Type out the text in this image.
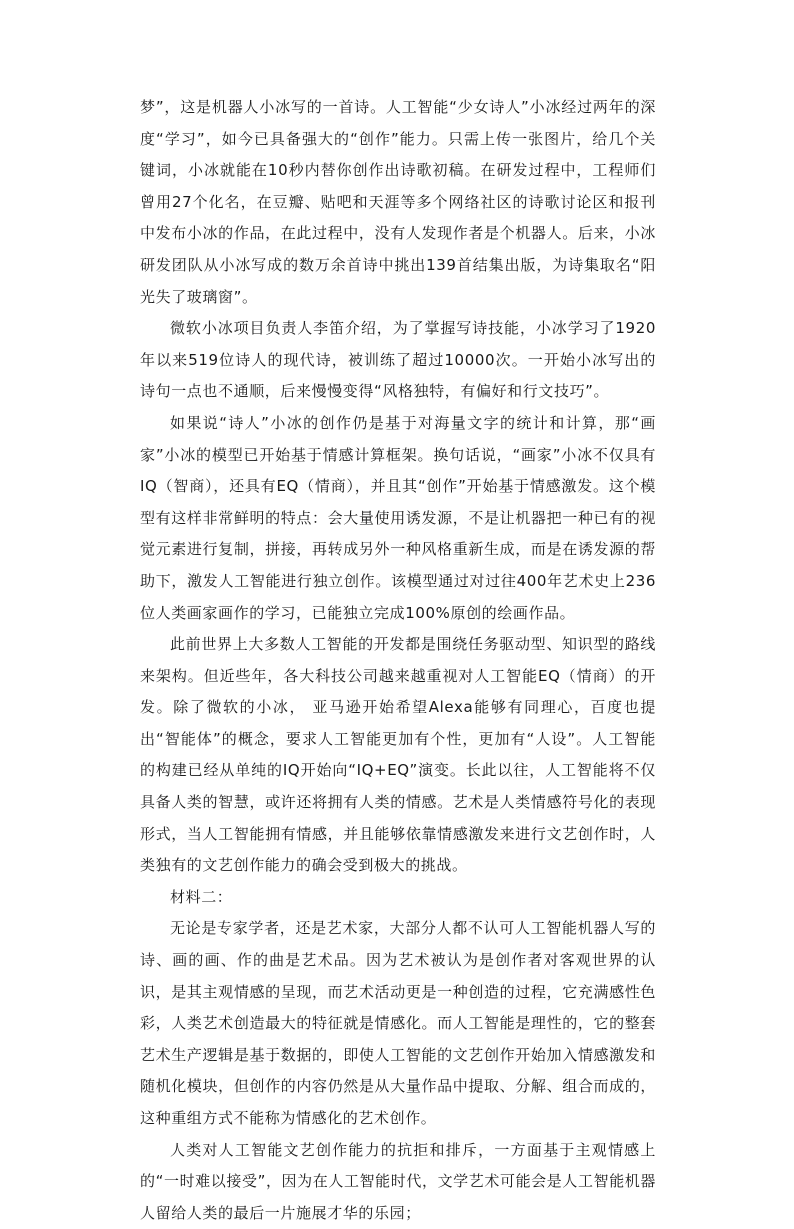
梦”，这是机器人小冰写的一首诗。人工智能“少女诗人”小冰经过两年的深度“学习”，如今已具备强大的“创作”能力。只需上传一张图片，给几个关键词，小冰就能在10秒内替你创作出诗歌初稿。在研发过程中，工程师们曾用27个化名，在豆瓣、贴吧和天涯等多个网络社区的诗歌讨论区和报刊中发布小冰的作品，在此过程中，没有人发现作者是个机器人。后来，小冰研发团队从小冰写成的数万余首诗中挑出139首结集出版，为诗集取名“阳光失了玻璃窗”。

微软小冰项目负责人李笛介绍，为了掌握写诗技能，小冰学习了1920年以来519位诗人的现代诗，被训练了超过10000次。一开始小冰写出的诗句一点也不通顺，后来慢慢变得“风格独特，有偏好和行文技巧”。

如果说“诗人”小冰的创作仍是基于对海量文字的统计和计算，那“画家”小冰的模型已开始基于情感计算框架。换句话说，“画家”小冰不仅具有IQ（智商），还具有EQ（情商），并且其“创作”开始基于情感激发。这个模型有这样非常鲜明的特点：会大量使用诱发源，不是让机器把一种已有的视觉元素进行复制，拼接，再转成另外一种风格重新生成，而是在诱发源的帮助下，激发人工智能进行独立创作。该模型通过对过往400年艺术史上236位人类画家画作的学习，已能独立完成100%原创的绘画作品。

此前世界上大多数人工智能的开发都是围绕任务驱动型、知识型的路线来架构。但近些年，各大科技公司越来越重视对人工智能EQ（情商）的开发。除了微软的小冰， 亚马逊开始希望Alexa能够有同理心，百度也提出“智能体”的概念，要求人工智能更加有个性，更加有“人设”。人工智能的构建已经从单纯的IQ开始向“IQ+EQ”演变。长此以往，人工智能将不仅具备人类的智慧，或许还将拥有人类的情感。艺术是人类情感符号化的表现形式，当人工智能拥有情感，并且能够依靠情感激发来进行文艺创作时，人类独有的文艺创作能力的确会受到极大的挑战。

材料二：

无论是专家学者，还是艺术家，大部分人都不认可人工智能机器人写的诗、画的画、作的曲是艺术品。因为艺术被认为是创作者对客观世界的认识，是其主观情感的呈现，而艺术活动更是一种创造的过程，它充满感性色彩，人类艺术创造最大的特征就是情感化。而人工智能是理性的，它的整套艺术生产逻辑是基于数据的，即使人工智能的文艺创作开始加入情感激发和随机化模块，但创作的内容仍然是从大量作品中提取、分解、组合而成的，这种重组方式不能称为情感化的艺术创作。

人类对人工智能文艺创作能力的抗拒和排斥，一方面基于主观情感上的“一时难以接受”，因为在人工智能时代，文学艺术可能会是人工智能机器人留给人类的最后一片施展才华的乐园；
